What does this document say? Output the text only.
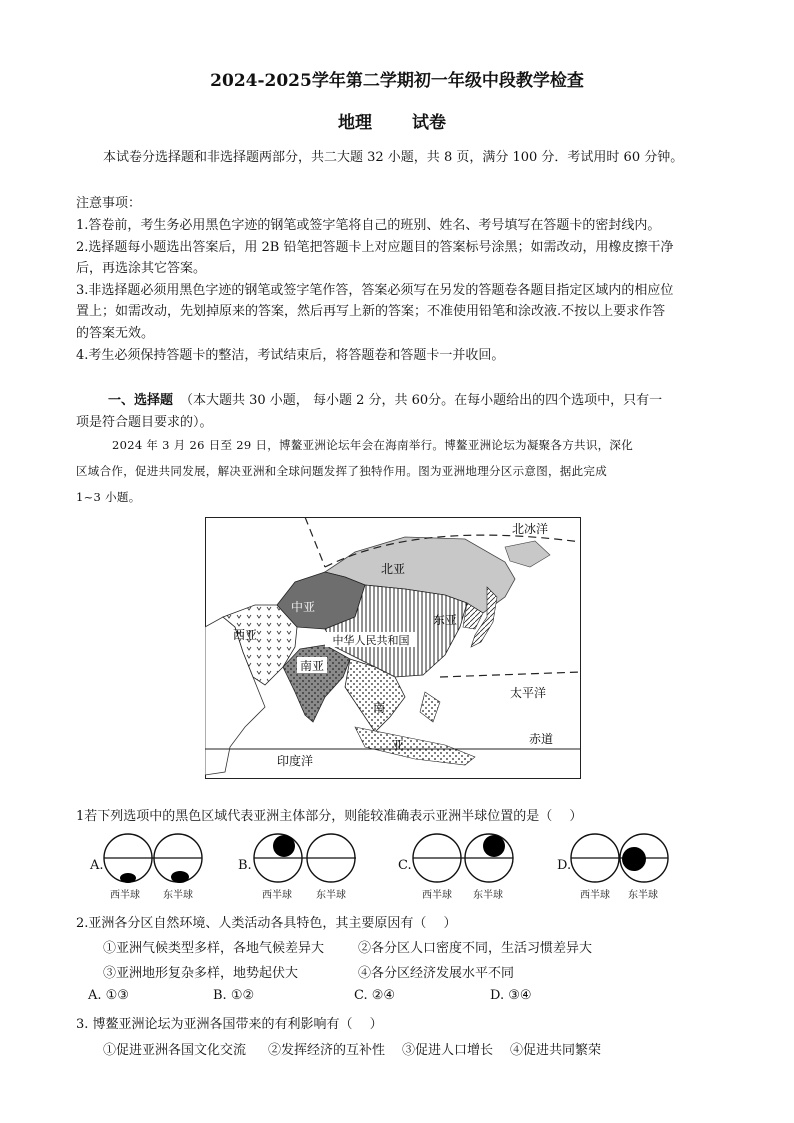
2024-2025学年第二学期初一年级中段教学检查
地理 试卷
本试卷分选择题和非选择题两部分，共二大题 32 小题，共 8 页，满分 100 分．考试用时 60 分钟。
注意事项：
1.答卷前，考生务必用黑色字迹的钢笔或签字笔将自己的班别、姓名、考号填写在答题卡的密封线内。
2.选择题每小题选出答案后，用 2B 铅笔把答题卡上对应题目的答案标号涂黑；如需改动，用橡皮擦干净
后，再选涂其它答案。
3.非选择题必须用黑色字迹的钢笔或签字笔作答，答案必须写在另发的答题卷各题目指定区域内的相应位
置上；如需改动，先划掉原来的答案，然后再写上新的答案；不准使用铅笔和涂改液.不按以上要求作答
的答案无效。
4.考生必须保持答题卡的整洁，考试结束后，将答题卷和答题卡一并收回。
一、选择题 （本大题共 30 小题， 每小题 2 分，共 60分。在每小题给出的四个选项中，只有一
项是符合题目要求的）。
2024 年 3 月 26 日至 29 日，博鳌亚洲论坛年会在海南举行。博鳌亚洲论坛为凝聚各方共识，深化
区域合作，促进共同发展，解决亚洲和全球问题发挥了独特作用。图为亚洲地理分区示意图，据此完成
1~3 小题。
北冰洋
北亚
中亚
东亚
西亚	中华人民共和国
南亚
太平洋
南
亚	赤道
印度洋
1若下列选项中的黑色区域代表亚洲主体部分，则能较准确表示亚洲半球位置的是（　 ）
A.
西半球 东半球
B.
西半球 东半球
C.
西半球 东半球
D.
西半球 东半球
2.亚洲各分区自然环境、人类活动各具特色，其主要原因有（　 ）
①亚洲气候类型多样，各地气候差异大	②各分区人口密度不同，生活习惯差异大
③亚洲地形复杂多样，地势起伏大	④各分区经济发展水平不同
A. ①③	B. ①②	C. ②④	D. ③④
3. 博鳌亚洲论坛为亚洲各国带来的有利影响有（　 ）
①促进亚洲各国文化交流 ②发挥经济的互补性 ③促进人口增长 ④促进共同繁荣
